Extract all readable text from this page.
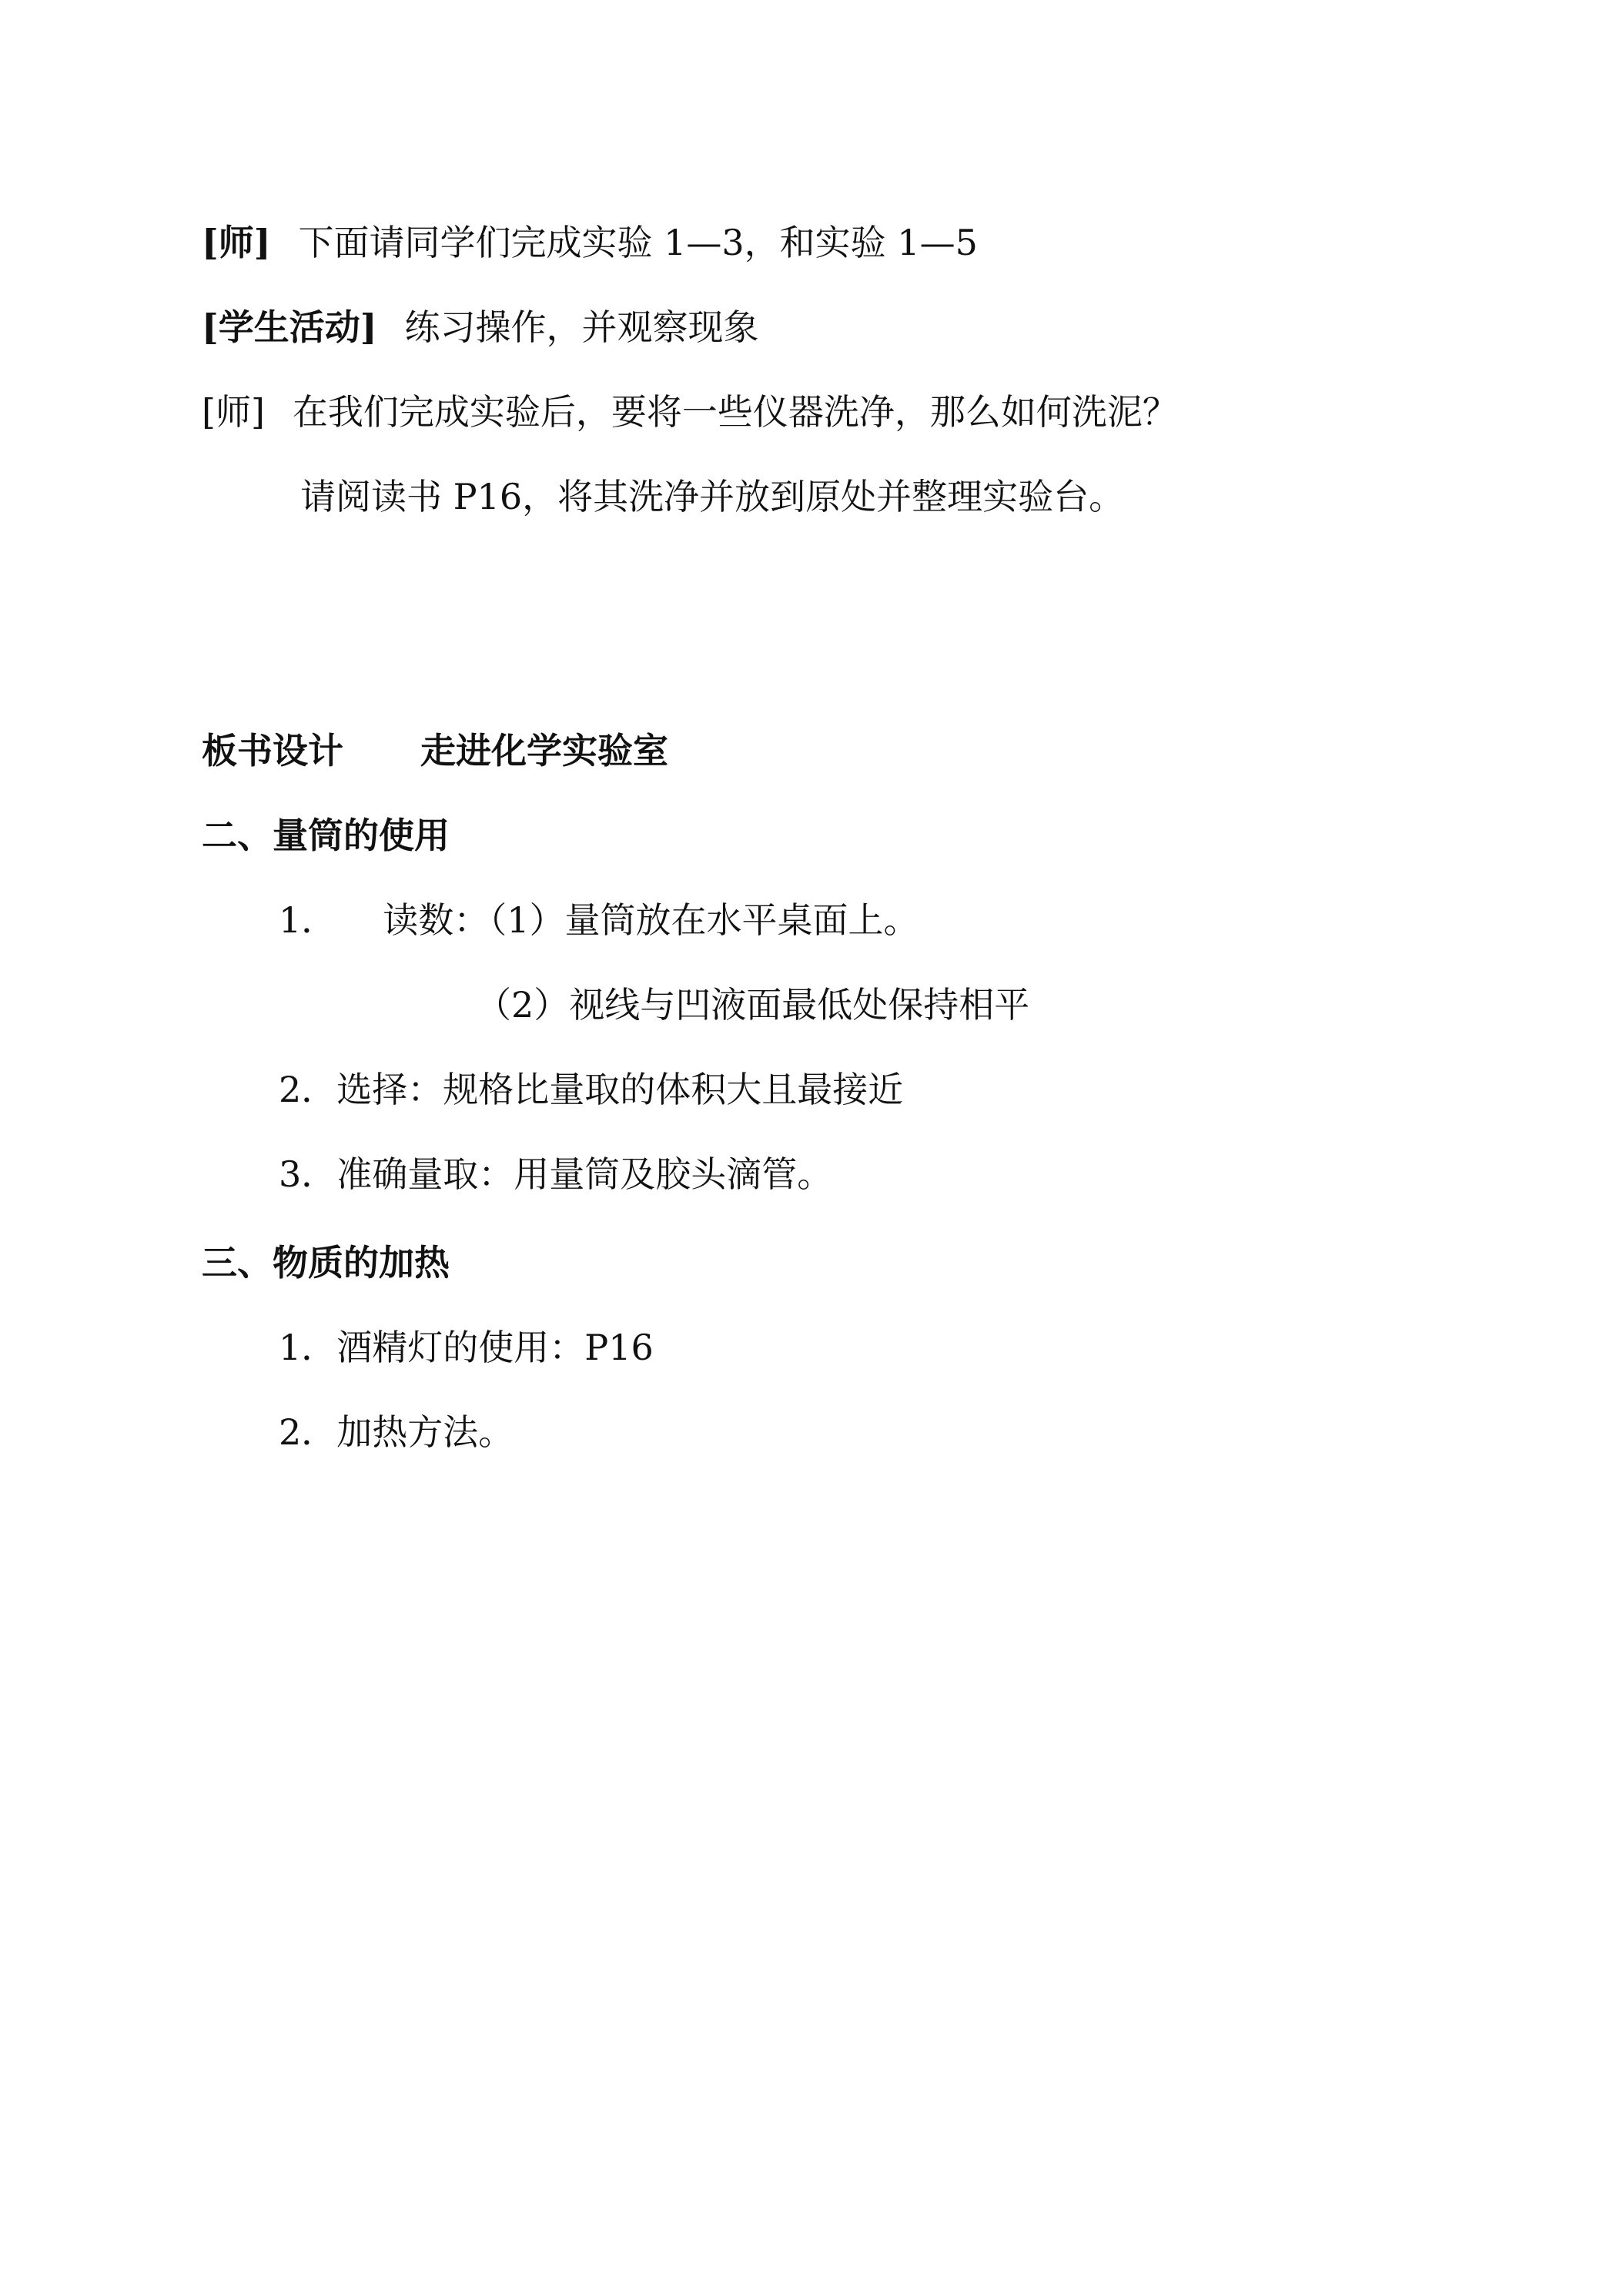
[师] 下面请同学们完成实验 1—3，和实验 1—5
[学生活动] 练习操作，并观察现象
[师] 在我们完成实验后，要将一些仪器洗净，那么如何洗泥？
请阅读书 P16，将其洗净并放到原处并整理实验台。
板书设计 走进化学实验室
二、量筒的使用
1． 读数：（1）量筒放在水平桌面上。
（2）视线与凹液面最低处保持相平
2．选择：规格比量取的体积大且最接近
3．准确量取：用量筒及胶头滴管。
三、物质的加热
1．酒精灯的使用：P16
2．加热方法。
